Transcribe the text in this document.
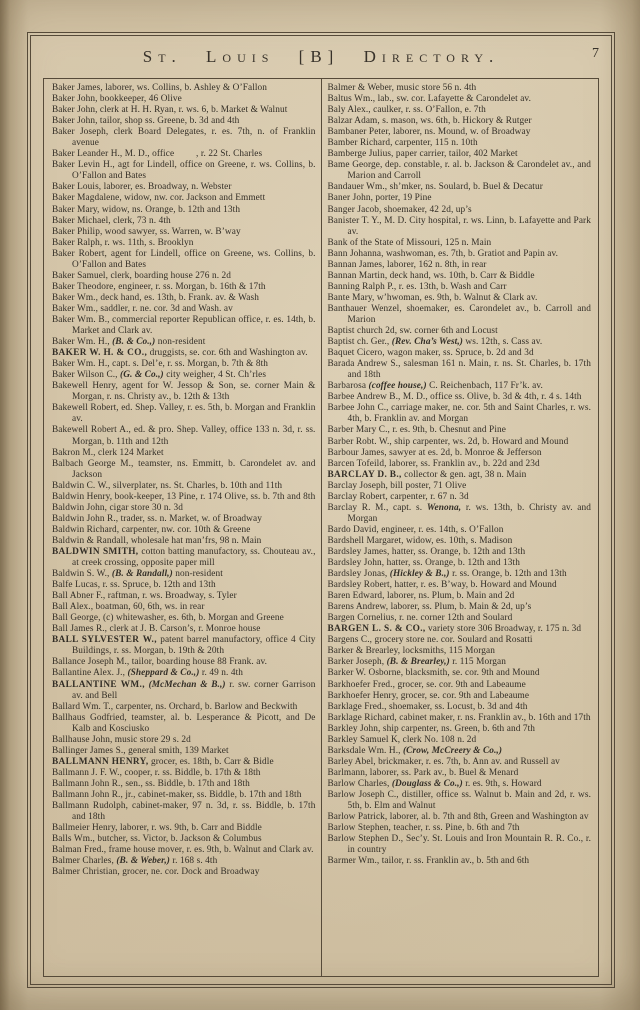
St. Louis [B] Directory.	7
Baker James, laborer, ws. Collins, b. Ashley & O’Fallon
Baker John, bookkeeper, 46 Olive
Baker John, clerk at H. H. Ryan, r. ws. 6, b. Market & Walnut
Baker John, tailor, shop ss. Greene, b. 3d and 4th
Baker Joseph, clerk Board Delegates, r. es. 7th, n. of Franklin avenue
Baker Leander H., M. D., office         , r. 22 St. Charles
Baker Levin H., agt for Lindell, office on Greene, r. ws. Collins, b. O’Fallon and Bates
Baker Louis, laborer, es. Broadway, n. Webster
Baker Magdalene, widow, nw. cor. Jackson and Emmett
Baker Mary, widow, ns. Orange, b. 12th and 13th
Baker Michael, clerk, 73 n. 4th
Baker Philip, wood sawyer, ss. Warren, w. B’way
Baker Ralph, r. ws. 11th, s. Brooklyn
Baker Robert, agent for Lindell, office on Greene, ws. Collins, b. O’Fallon and Bates
Baker Samuel, clerk, boarding house 276 n. 2d
Baker Theodore, engineer, r. ss. Morgan, b. 16th & 17th
Baker Wm., deck hand, es. 13th, b. Frank. av. & Wash
Baker Wm., saddler, r. ne. cor. 3d and Wash. av
Baker Wm. B., commercial reporter Republican office, r. es. 14th, b. Market and Clark av.
Baker Wm. H., (B. & Co.,) non-resident
BAKER W. H. & CO., druggists, se. cor. 6th and Washington av.
Baker Wm. H., capt. s. Del’e, r. ss. Morgan, b. 7th & 8th
Baker Wilson C., (G. & Co.,) city weigher, 4 St. Ch’rles
Bakewell Henry, agent for W. Jessop & Son, se. corner Main & Morgan, r. ns. Christy av., b. 12th & 13th
Bakewell Robert, ed. Shep. Valley, r. es. 5th, b. Morgan and Franklin av.
Bakewell Robert A., ed. & pro. Shep. Valley, office 133 n. 3d, r. ss. Morgan, b. 11th and 12th
Bakron M., clerk 124 Market
Balbach George M., teamster, ns. Emmitt, b. Carondelet av. and Jackson
Baldwin C. W., silverplater, ns. St. Charles, b. 10th and 11th
Baldwin Henry, book-keeper, 13 Pine, r. 174 Olive, ss. b. 7th and 8th
Baldwin John, cigar store 30 n. 3d
Baldwin John R., trader, ss. n. Market, w. of Broadway
Baldwin Richard, carpenter, nw. cor. 10th & Greene
Baldwin & Randall, wholesale hat man’frs, 98 n. Main
BALDWIN SMITH, cotton batting manufactory, ss. Chouteau av., at creek crossing, opposite paper mill
Baldwin S. W., (B. & Randall,) non-resident
Balfe Lucas, r. ss. Spruce, b. 12th and 13th
Ball Abner F., raftman, r. ws. Broadway, s. Tyler
Ball Alex., boatman, 60, 6th, ws. in rear
Ball George, (c) whitewasher, es. 6th, b. Morgan and Greene
Ball James R., clerk at J. B. Carson’s, r. Monroe house
BALL SYLVESTER W., patent barrel manufactory, office 4 City Buildings, r. ss. Morgan, b. 19th & 20th
Ballance Joseph M., tailor, boarding house 88 Frank. av.
Ballantine Alex. J., (Sheppard & Co.,) r. 49 n. 4th
BALLANTINE WM., (McMechan & B.,) r. sw. corner Garrison av. and Bell
Ballard Wm. T., carpenter, ns. Orchard, b. Barlow and Beckwith
Ballhaus Godfried, teamster, al. b. Lesperance & Picott, and De Kalb and Kosciusko
Ballhause John, music store 29 s. 2d
Ballinger James S., general smith, 139 Market
BALLMANN HENRY, grocer, es. 18th, b. Carr & Bidle
Ballmann J. F. W., cooper, r. ss. Biddle, b. 17th & 18th
Ballmann John R., sen., ss. Biddle, b. 17th and 18th
Ballmann John R., jr., cabinet-maker, ss. Biddle, b. 17th and 18th
Ballmann Rudolph, cabinet-maker, 97 n. 3d, r. ss. Biddle, b. 17th and 18th
Ballmeier Henry, laborer, r. ws. 9th, b. Carr and Biddle
Balls Wm., butcher, ss. Victor, b. Jackson & Columbus
Balman Fred., frame house mover, r. es. 9th, b. Walnut and Clark av.
Balmer Charles, (B. & Weber,) r. 168 s. 4th
Balmer Christian, grocer, ne. cor. Dock and Broadway
Balmer & Weber, music store 56 n. 4th
Baltus Wm., lab., sw. cor. Lafayette & Carondelet av.
Baly Alex., caulker, r. ss. O’Fallon, e. 7th
Balzar Adam, s. mason, ws. 6th, b. Hickory & Rutger
Bambaner Peter, laborer, ns. Mound, w. of Broadway
Bamber Richard, carpenter, 115 n. 10th
Bamberge Julius, paper carrier, tailor, 402 Market
Bame George, dep. constable, r. al. b. Jackson & Carondelet av., and Marion and Carroll
Bandauer Wm., sh’mker, ns. Soulard, b. Buel & Decatur
Baner John, porter, 19 Pine
Banger Jacob, shoemaker, 42 2d, up’s
Banister T. Y., M. D. City hospital, r. ws. Linn, b. Lafayette and Park av.
Bank of the State of Missouri, 125 n. Main
Bann Johanna, washwoman, es. 7th, b. Gratiot and Papin av.
Bannan James, laborer, 162 n. 8th, in rear
Bannan Martin, deck hand, ws. 10th, b. Carr & Biddle
Banning Ralph P., r. es. 13th, b. Wash and Carr
Bante Mary, w’hwoman, es. 9th, b. Walnut & Clark av.
Banthauer Wenzel, shoemaker, es. Carondelet av., b. Carroll and Marion
Baptist church 2d, sw. corner 6th and Locust
Baptist ch. Ger., (Rev. Cha’s West,) ws. 12th, s. Cass av.
Baquet Cicero, wagon maker, ss. Spruce, b. 2d and 3d
Barada Andrew S., salesman 161 n. Main, r. ns. St. Charles, b. 17th and 18th
Barbarosa (coffee house,) C. Reichenbach, 117 Fr’k. av.
Barbee Andrew B., M. D., office ss. Olive, b. 3d & 4th, r. 4 s. 14th
Barbee John C., carriage maker, ne. cor. 5th and Saint Charles, r. ws. 4th, b. Franklin av. and Morgan
Barber Mary C., r. es. 9th, b. Chesnut and Pine
Barber Robt. W., ship carpenter, ws. 2d, b. Howard and Mound
Barbour James, sawyer at es. 2d, b. Monroe & Jefferson
Barcen Tofeild, laborer, ss. Franklin av., b. 22d and 23d
BARCLAY D. B., collector & gen. agt, 38 n. Main
Barclay Joseph, bill poster, 71 Olive
Barclay Robert, carpenter, r. 67 n. 3d
Barclay R. M., capt. s. Wenona, r. ws. 13th, b. Christy av. and Morgan
Bardo David, engineer, r. es. 14th, s. O’Fallon
Bardshell Margaret, widow, es. 10th, s. Madison
Bardsley James, hatter, ss. Orange, b. 12th and 13th
Bardsley John, hatter, ss. Orange, b. 12th and 13th
Bardsley Jonas, (Hickley & B.,) r. ss. Orange, b. 12th and 13th
Bardsley Robert, hatter, r. es. B’way, b. Howard and Mound
Baren Edward, laborer, ns. Plum, b. Main and 2d
Barens Andrew, laborer, ss. Plum, b. Main & 2d, up’s
Bargen Cornelius, r. ne. corner 12th and Soulard
BARGEN L. S. & CO., variety store 306 Broadway, r. 175 n. 3d
Bargens C., grocery store ne. cor. Soulard and Rosatti
Barker & Brearley, locksmiths, 115 Morgan
Barker Joseph, (B. & Brearley,) r. 115 Morgan
Barker W. Osborne, blacksmith, se. cor. 9th and Mound
Barkhoefer Fred., grocer, se. cor. 9th and Labeaume
Barkhoefer Henry, grocer, se. cor. 9th and Labeaume
Barklage Fred., shoemaker, ss. Locust, b. 3d and 4th
Barklage Richard, cabinet maker, r. ns. Franklin av., b. 16th and 17th
Barkley John, ship carpenter, ns. Green, b. 6th and 7th
Barkley Samuel K, clerk No. 108 n. 2d
Barksdale Wm. H., (Crow, McCreery & Co.,)
Barley Abel, brickmaker, r. es. 7th, b. Ann av. and Russell av
Barlmann, laborer, ss. Park av., b. Buel & Menard
Barlow Charles, (Douglass & Co.,) r. es. 9th, s. Howard
Barlow Joseph C., distiller, office ss. Walnut b. Main and 2d, r. ws. 5th, b. Elm and Walnut
Barlow Patrick, laborer, al. b. 7th and 8th, Green and Washington av
Barlow Stephen, teacher, r. ss. Pine, b. 6th and 7th
Barlow Stephen D., Sec’y. St. Louis and Iron Mountain R. R. Co., r. in country
Barmer Wm., tailor, r. ss. Franklin av., b. 5th and 6th
